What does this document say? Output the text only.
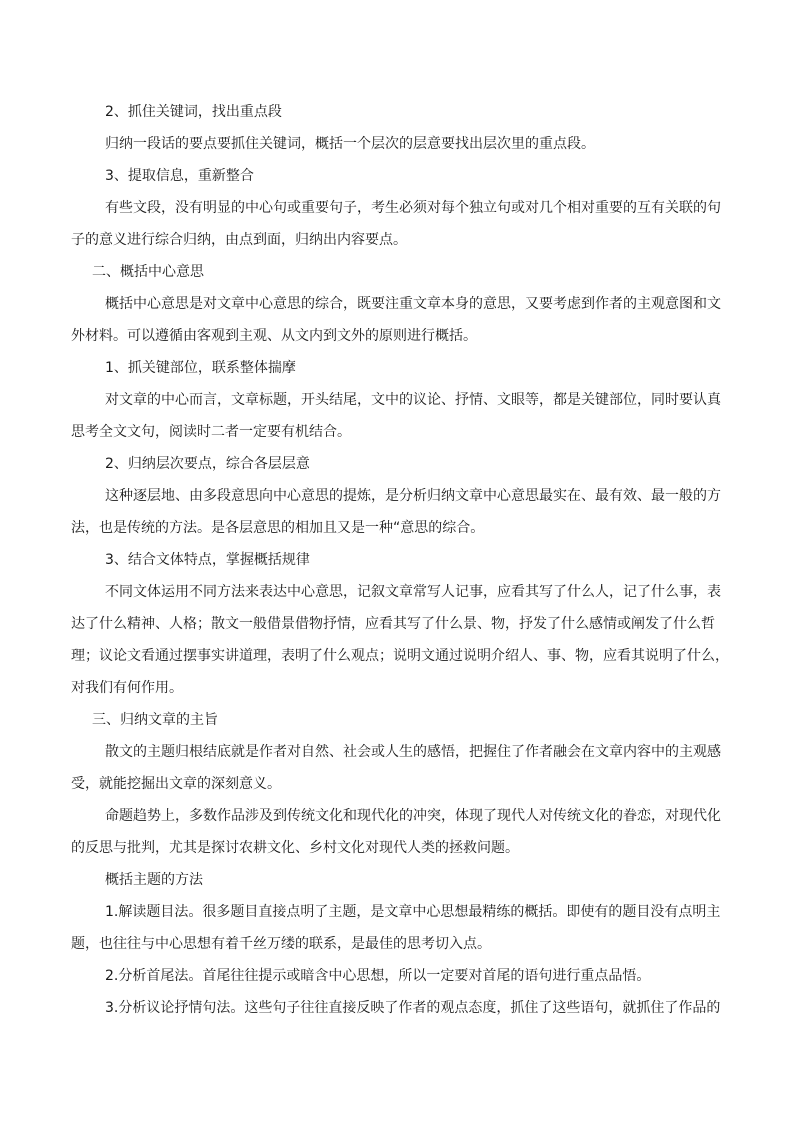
2、抓住关键词，找出重点段
归纳一段话的要点要抓住关键词，概括一个层次的层意要找出层次里的重点段。
3、提取信息，重新整合
有些文段，没有明显的中心句或重要句子，考生必须对每个独立句或对几个相对重要的互有关联的句
子的意义进行综合归纳，由点到面，归纳出内容要点。
二、概括中心意思
概括中心意思是对文章中心意思的综合，既要注重文章本身的意思，又要考虑到作者的主观意图和文
外材料。可以遵循由客观到主观、从文内到文外的原则进行概括。
1、抓关键部位，联系整体揣摩
对文章的中心而言，文章标题，开头结尾，文中的议论、抒情、文眼等，都是关键部位，同时要认真
思考全文文句，阅读时二者一定要有机结合。
2、归纳层次要点，综合各层层意
这种逐层地、由多段意思向中心意思的提炼，是分析归纳文章中心意思最实在、最有效、最一般的方
法，也是传统的方法。是各层意思的相加且又是一种“意思的综合。
3、结合文体特点，掌握概括规律
不同文体运用不同方法来表达中心意思，记叙文章常写人记事，应看其写了什么人，记了什么事，表
达了什么精神、人格；散文一般借景借物抒情，应看其写了什么景、物，抒发了什么感情或阐发了什么哲
理；议论文看通过摆事实讲道理，表明了什么观点；说明文通过说明介绍人、事、物，应看其说明了什么，
对我们有何作用。
三、归纳文章的主旨
散文的主题归根结底就是作者对自然、社会或人生的感悟，把握住了作者融会在文章内容中的主观感
受，就能挖掘出文章的深刻意义。
命题趋势上，多数作品涉及到传统文化和现代化的冲突，体现了现代人对传统文化的眷恋，对现代化
的反思与批判，尤其是探讨农耕文化、乡村文化对现代人类的拯救问题。
概括主题的方法
1.解读题目法。很多题目直接点明了主题，是文章中心思想最精练的概括。即使有的题目没有点明主
题，也往往与中心思想有着千丝万缕的联系，是最佳的思考切入点。
2.分析首尾法。首尾往往提示或暗含中心思想，所以一定要对首尾的语句进行重点品悟。
3.分析议论抒情句法。这些句子往往直接反映了作者的观点态度，抓住了这些语句，就抓住了作品的
